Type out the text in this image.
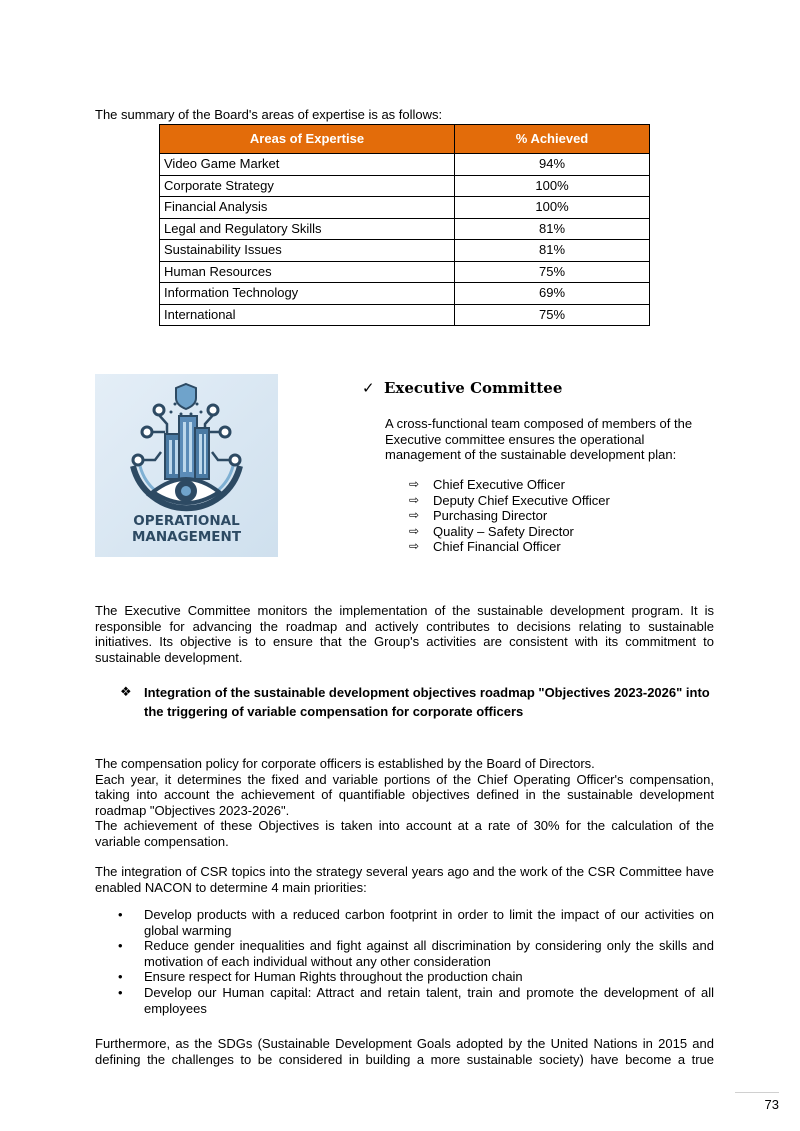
The summary of the Board's areas of expertise is as follows:

Areas of Expertise	% Achieved
Video Game Market	94%
Corporate Strategy	100%
Financial Analysis	100%
Legal and Regulatory Skills	81%
Sustainability Issues	81%
Human Resources	75%
Information Technology	69%
International	75%
OPERATIONAL
MANAGEMENT
✓ Executive Committee

A cross-functional team composed of members of the Executive committee ensures the operational management of the sustainable development plan:

⇨ Chief Executive Officer
⇨ Deputy Chief Executive Officer
⇨ Purchasing Director
⇨ Quality – Safety Director
⇨ Chief Financial Officer

The Executive Committee monitors the implementation of the sustainable development program. It is responsible for advancing the roadmap and actively contributes to decisions relating to sustainable initiatives. Its objective is to ensure that the Group's activities are consistent with its commitment to sustainable development.

❖ Integration of the sustainable development objectives roadmap "Objectives 2023-2026" into the triggering of variable compensation for corporate officers

The compensation policy for corporate officers is established by the Board of Directors.

Each year, it determines the fixed and variable portions of the Chief Operating Officer's compensation, taking into account the achievement of quantifiable objectives defined in the sustainable development roadmap "Objectives 2023-2026".

The achievement of these Objectives is taken into account at a rate of 30% for the calculation of the variable compensation.

The integration of CSR topics into the strategy several years ago and the work of the CSR Committee have enabled NACON to determine 4 main priorities:

• Develop products with a reduced carbon footprint in order to limit the impact of our activities on global warming
• Reduce gender inequalities and fight against all discrimination by considering only the skills and motivation of each individual without any other consideration
• Ensure respect for Human Rights throughout the production chain
• Develop our Human capital: Attract and retain talent, train and promote the development of all employees

Furthermore, as the SDGs (Sustainable Development Goals adopted by the United Nations in 2015 and defining the challenges to be considered in building a more sustainable society) have become a true

73
